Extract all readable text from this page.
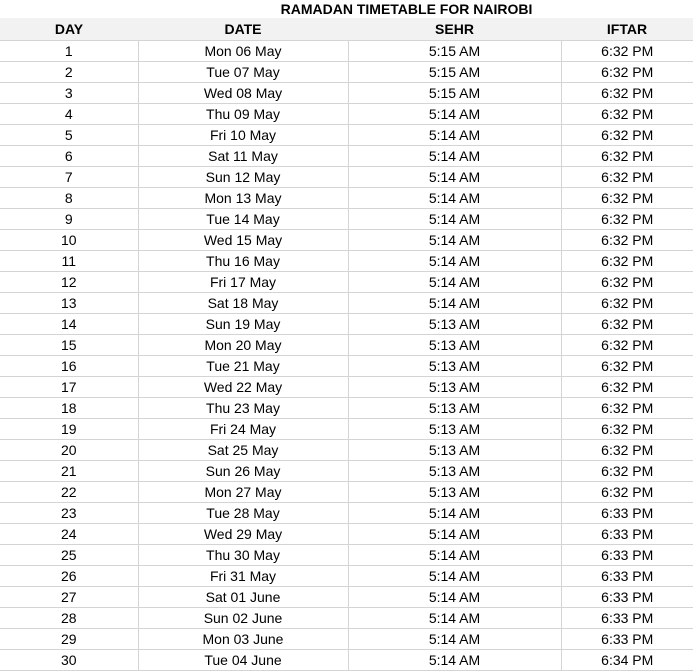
RAMADAN TIMETABLE FOR NAIROBI
DAY	DATE	SEHR	IFTAR
1	Mon 06 May	5:15 AM	6:32 PM
2	Tue 07 May	5:15 AM	6:32 PM
3	Wed 08 May	5:15 AM	6:32 PM
4	Thu 09 May	5:14 AM	6:32 PM
5	Fri 10 May	5:14 AM	6:32 PM
6	Sat 11 May	5:14 AM	6:32 PM
7	Sun 12 May	5:14 AM	6:32 PM
8	Mon 13 May	5:14 AM	6:32 PM
9	Tue 14 May	5:14 AM	6:32 PM
10	Wed 15 May	5:14 AM	6:32 PM
11	Thu 16 May	5:14 AM	6:32 PM
12	Fri 17 May	5:14 AM	6:32 PM
13	Sat 18 May	5:14 AM	6:32 PM
14	Sun 19 May	5:13 AM	6:32 PM
15	Mon 20 May	5:13 AM	6:32 PM
16	Tue 21 May	5:13 AM	6:32 PM
17	Wed 22 May	5:13 AM	6:32 PM
18	Thu 23 May	5:13 AM	6:32 PM
19	Fri 24 May	5:13 AM	6:32 PM
20	Sat 25 May	5:13 AM	6:32 PM
21	Sun 26 May	5:13 AM	6:32 PM
22	Mon 27 May	5:13 AM	6:32 PM
23	Tue 28 May	5:14 AM	6:33 PM
24	Wed 29 May	5:14 AM	6:33 PM
25	Thu 30 May	5:14 AM	6:33 PM
26	Fri 31 May	5:14 AM	6:33 PM
27	Sat 01 June	5:14 AM	6:33 PM
28	Sun 02 June	5:14 AM	6:33 PM
29	Mon 03 June	5:14 AM	6:33 PM
30	Tue 04 June	5:14 AM	6:34 PM
